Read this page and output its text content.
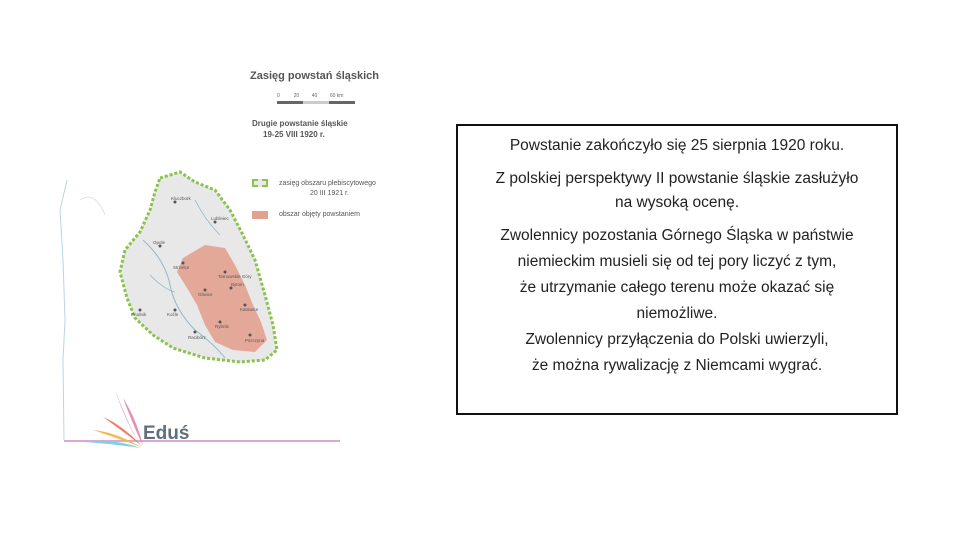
Kluczbork
Lubliniec
Opole
Strzelce
Tarnowskie Góry
Gliwice
Bytom
Katowice
Koźle
Racibórz
Rybnik
Pszczyna
Prudnik
Zasięg powstań śląskich
0	20	40	60 km
Drugie powstanie śląskie
19-25 VIII 1920 r.
zasięg obszaru plebiscytowego
20 III 1921 r.
obszar objęty powstaniem
Eduś
Powstanie zakończyło się 25 sierpnia 1920 roku.
Z polskiej perspektywy II powstanie śląskie zasłużyło
na wysoką ocenę.
Zwolennicy pozostania Górnego Śląska w państwie
niemieckim musieli się od tej pory liczyć z tym,
że utrzymanie całego terenu może okazać się
niemożliwe.
Zwolennicy przyłączenia do Polski uwierzyli,
że można rywalizację z Niemcami wygrać.
